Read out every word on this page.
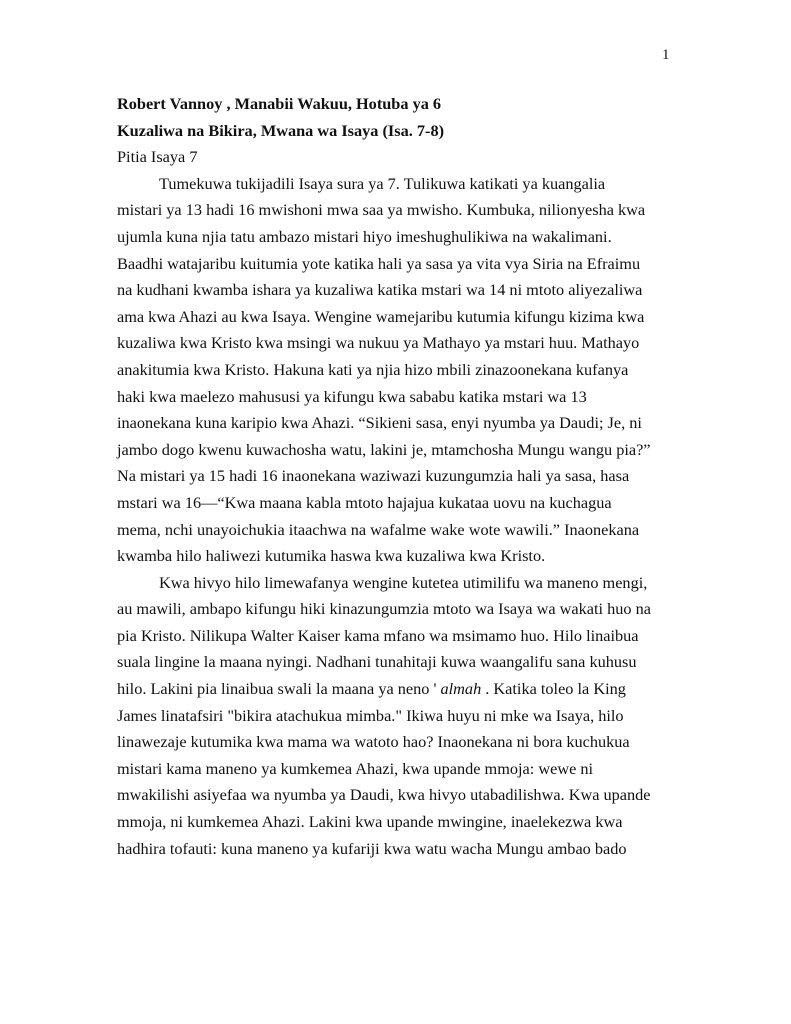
1
Robert Vannoy , Manabii Wakuu, Hotuba ya 6
Kuzaliwa na Bikira, Mwana wa Isaya (Isa. 7-8)
Pitia Isaya 7
Tumekuwa tukijadili Isaya sura ya 7. Tulikuwa katikati ya kuangalia
mistari ya 13 hadi 16 mwishoni mwa saa ya mwisho. Kumbuka, nilionyesha kwa
ujumla kuna njia tatu ambazo mistari hiyo imeshughulikiwa na wakalimani.
Baadhi watajaribu kuitumia yote katika hali ya sasa ya vita vya Siria na Efraimu
na kudhani kwamba ishara ya kuzaliwa katika mstari wa 14 ni mtoto aliyezaliwa
ama kwa Ahazi au kwa Isaya. Wengine wamejaribu kutumia kifungu kizima kwa
kuzaliwa kwa Kristo kwa msingi wa nukuu ya Mathayo ya mstari huu. Mathayo
anakitumia kwa Kristo. Hakuna kati ya njia hizo mbili zinazoonekana kufanya
haki kwa maelezo mahususi ya kifungu kwa sababu katika mstari wa 13
inaonekana kuna karipio kwa Ahazi. “Sikieni sasa, enyi nyumba ya Daudi; Je, ni
jambo dogo kwenu kuwachosha watu, lakini je, mtamchosha Mungu wangu pia?”
Na mistari ya 15 hadi 16 inaonekana waziwazi kuzungumzia hali ya sasa, hasa
mstari wa 16—“Kwa maana kabla mtoto hajajua kukataa uovu na kuchagua
mema, nchi unayoichukia itaachwa na wafalme wake wote wawili.” Inaonekana
kwamba hilo haliwezi kutumika haswa kwa kuzaliwa kwa Kristo.
Kwa hivyo hilo limewafanya wengine kutetea utimilifu wa maneno mengi,
au mawili, ambapo kifungu hiki kinazungumzia mtoto wa Isaya wa wakati huo na
pia Kristo. Nilikupa Walter Kaiser kama mfano wa msimamo huo. Hilo linaibua
suala lingine la maana nyingi. Nadhani tunahitaji kuwa waangalifu sana kuhusu
hilo. Lakini pia linaibua swali la maana ya neno ' almah . Katika toleo la King
James linatafsiri "bikira atachukua mimba." Ikiwa huyu ni mke wa Isaya, hilo
linawezaje kutumika kwa mama wa watoto hao? Inaonekana ni bora kuchukua
mistari kama maneno ya kumkemea Ahazi, kwa upande mmoja: wewe ni
mwakilishi asiyefaa wa nyumba ya Daudi, kwa hivyo utabadilishwa. Kwa upande
mmoja, ni kumkemea Ahazi. Lakini kwa upande mwingine, inaelekezwa kwa
hadhira tofauti: kuna maneno ya kufariji kwa watu wacha Mungu ambao bado
